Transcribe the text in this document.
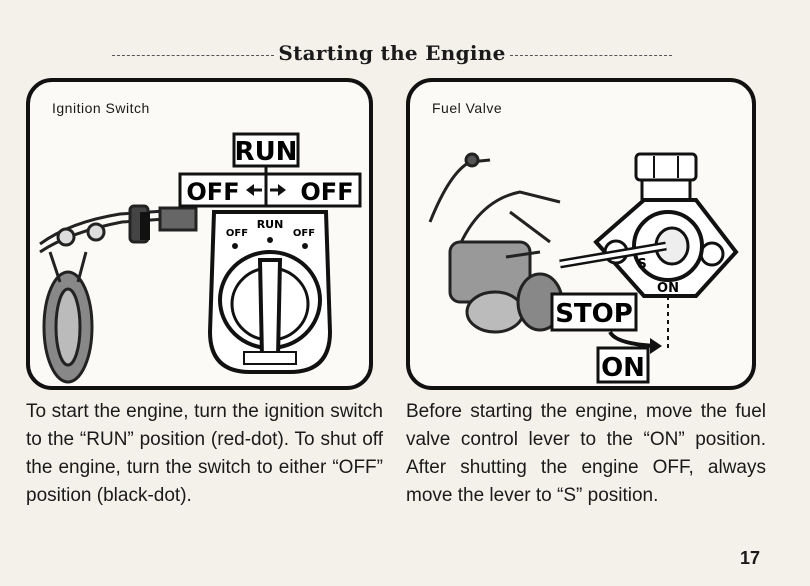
Starting the Engine
Ignition Switch
RUN
OFF	OFF
RUN
OFF	OFF
Fuel Valve
S
ON
STOP
ON
To start the engine, turn the ignition switch to the “RUN” position (red-dot). To shut off the engine, turn the switch to either “OFF” position (black-dot).
Before starting the engine, move the fuel valve control lever to the “ON” position. After shutting the engine OFF, always move the lever to “S” position.
17
